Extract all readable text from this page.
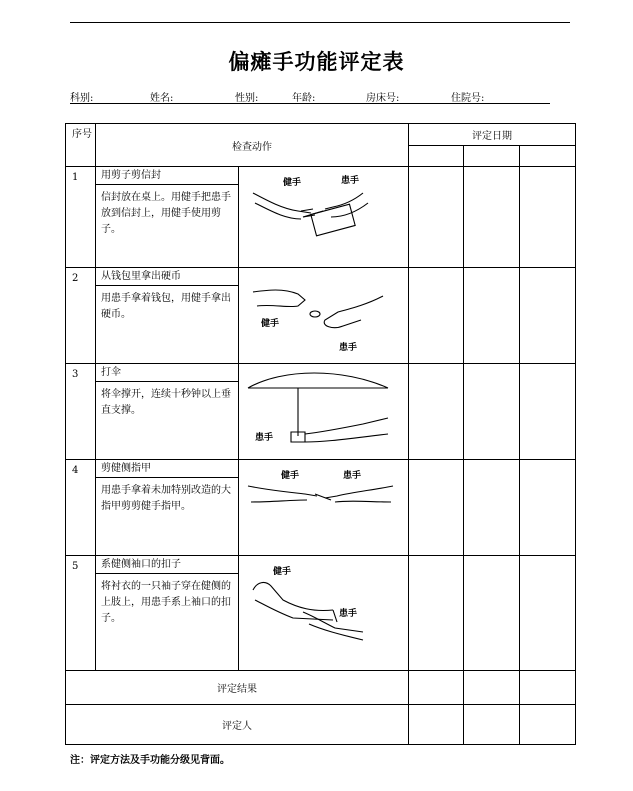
偏瘫手功能评定表
科别:	姓名:	性别:	年龄:	房床号:	住院号:
序号	检查动作	评定日期		

1	用剪子剪信封
信封放在桌上。用健手把患手放到信封上，用健手使用剪子。
健手 患手			

2	从钱包里拿出硬币
用患手拿着钱包，用健手拿出硬币。
健手
患手			

3	打伞
将伞撑开，连续十秒钟以上垂直支撑。
患手			

4	剪健侧指甲
用患手拿着未加特别改造的大指甲剪剪健手指甲。
健手 患手			

5	系健侧袖口的扣子
将衬衣的一只袖子穿在健侧的上肢上，用患手系上袖口的扣子。
健手
患手			

评定结果				
评定人				
注：评定方法及手功能分级见背面。
